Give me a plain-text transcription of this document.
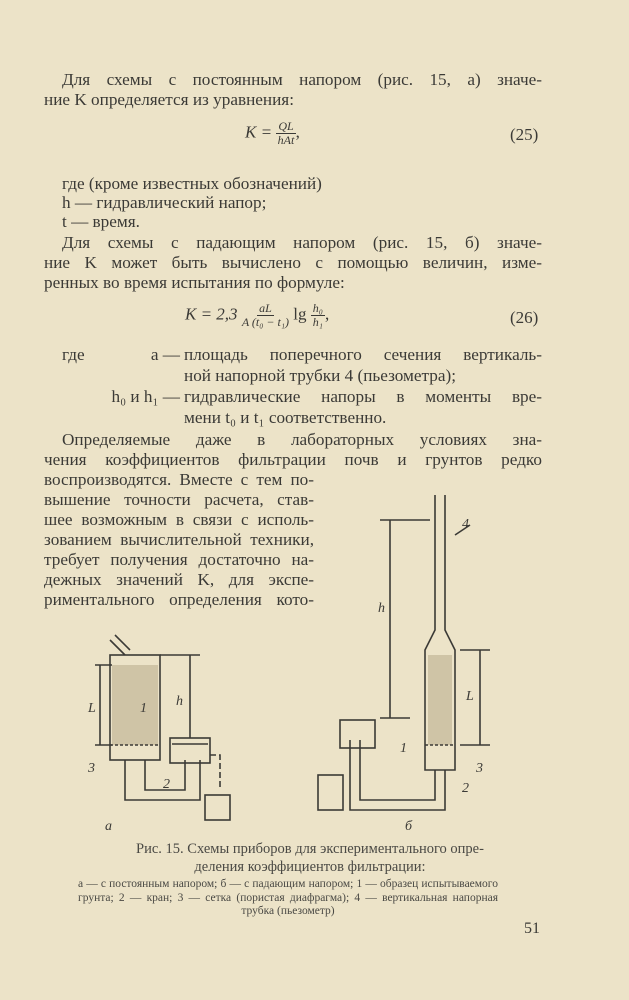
Для схемы с постоянным напором (рис. 15, а) значе-
ние K определяется из уравнения:
$K = \frac{QL}{\text{hAt}}$ ,	(25)
где (кроме известных обозначений)
h — гидравлический напор;
t — время.
Для схемы с падающим напором (рис. 15, б) значе-
ние K может быть вычислено с помощью величин, изме-
ренных во время испытания по формуле:
$K = 2,3 \frac{aL}{\text{A (t₀ − t₁)}}$ $\lg \frac{\text{h₀}}{\text{h₁}}$ ,	(26)
где	a — площадь поперечного сечения вертикаль-
ной напорной трубки 4 (пьезометра);
h₀ и h₁ — гидравлические напоры в моменты вре-
мени t₀ и t₁ соответственно.
Определяемые даже в лабораторных условиях зна-
чения коэффициентов фильтрации почв и грунтов редко
воспроизводятся. Вместе с тем по-
вышение точности расчета, став-
шее возможным в связи с исполь-
зованием вычислительной техники,
требует получения достаточно на-
дежных значений K, для экспе-
риментального определения кото-
L	h
1
2
3
а
h
L
4
1
2
3
б
Рис. 15. Схемы приборов для экспериментального опре-
деления коэффициентов фильтрации:
а — с постоянным напором; б — с падающим напором; 1 — образец испытываемого грунта; 2 — кран; 3 — сетка (пористая диафрагма); 4 — вертикальная напорная трубка (пьезометр)
51
